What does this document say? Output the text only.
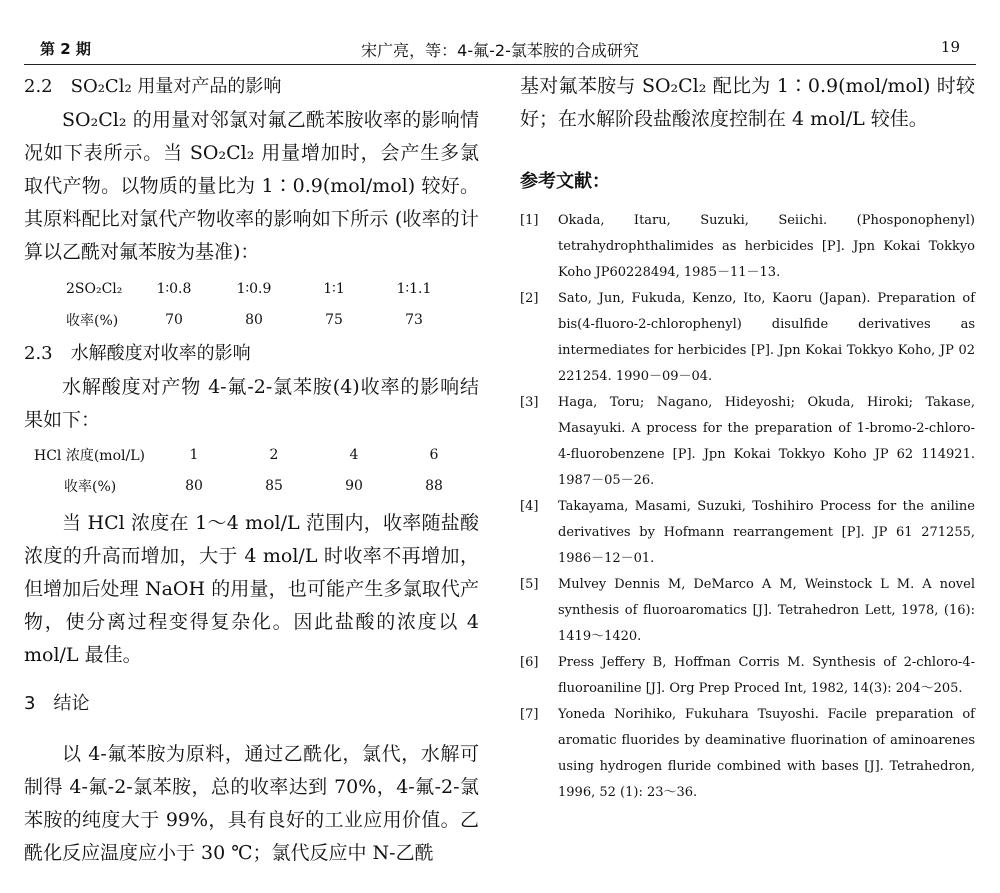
第 2 期	宋广亮，等：4-氟-2-氯苯胺的合成研究	19

2.2　SO₂Cl₂ 用量对产品的影响

SO₂Cl₂ 的用量对邻氯对氟乙酰苯胺收率的影响情况如下表所示。当 SO₂Cl₂ 用量增加时，会产生多氯取代产物。以物质的量比为 1∶0.9(mol/mol) 较好。其原料配比对氯代产物收率的影响如下所示 (收率的计算以乙酰对氟苯胺为基准)：

2SO₂Cl₂	1∶0.8	1∶0.9	1∶1	1∶1.1
收率(%)	70	80	75	73

2.3　水解酸度对收率的影响

水解酸度对产物 4-氟-2-氯苯胺(4)收率的影响结果如下：

HCl 浓度(mol/L)	1	2	4	6
收率(%)	80	85	90	88

当 HCl 浓度在 1～4 mol/L 范围内，收率随盐酸浓度的升高而增加，大于 4 mol/L 时收率不再增加，但增加后处理 NaOH 的用量，也可能产生多氯取代产物，使分离过程变得复杂化。因此盐酸的浓度以 4 mol/L 最佳。

3　结论

以 4-氟苯胺为原料，通过乙酰化，氯代，水解可制得 4-氟-2-氯苯胺，总的收率达到 70%，4-氟-2-氯苯胺的纯度大于 99%，具有良好的工业应用价值。乙酰化反应温度应小于 30 ℃；氯代反应中 N-乙酰

基对氟苯胺与 SO₂Cl₂ 配比为 1∶0.9(mol/mol) 时较好；在水解阶段盐酸浓度控制在 4 mol/L 较佳。

参考文献：

[1]	Okada, Itaru, Suzuki, Seiichi. (Phosponophenyl) tetrahydrophthalimides as herbicides [P]. Jpn Kokai Tokkyo Koho JP60228494, 1985－11－13.
[2]	Sato, Jun, Fukuda, Kenzo, Ito, Kaoru (Japan). Preparation of bis(4-fluoro-2-chlorophenyl) disulfide derivatives as intermediates for herbicides [P]. Jpn Kokai Tokkyo Koho, JP 02 221254. 1990－09－04.
[3]	Haga, Toru; Nagano, Hideyoshi; Okuda, Hiroki; Takase, Masayuki. A process for the preparation of 1-bromo-2-chloro-4-fluorobenzene [P]. Jpn Kokai Tokkyo Koho JP 62 114921. 1987－05－26.
[4]	Takayama, Masami, Suzuki, Toshihiro Process for the aniline derivatives by Hofmann rearrangement [P]. JP 61 271255, 1986－12－01.
[5]	Mulvey Dennis M, DeMarco A M, Weinstock L M. A novel synthesis of fluoroaromatics [J]. Tetrahedron Lett, 1978, (16): 1419～1420.
[6]	Press Jeffery B, Hoffman Corris M. Synthesis of 2-chloro-4-fluoroaniline [J]. Org Prep Proced Int, 1982, 14(3): 204～205.
[7]	Yoneda Norihiko, Fukuhara Tsuyoshi. Facile preparation of aromatic fluorides by deaminative fluorination of aminoarenes using hydrogen fluride combined with bases [J]. Tetrahedron, 1996, 52 (1): 23～36.
